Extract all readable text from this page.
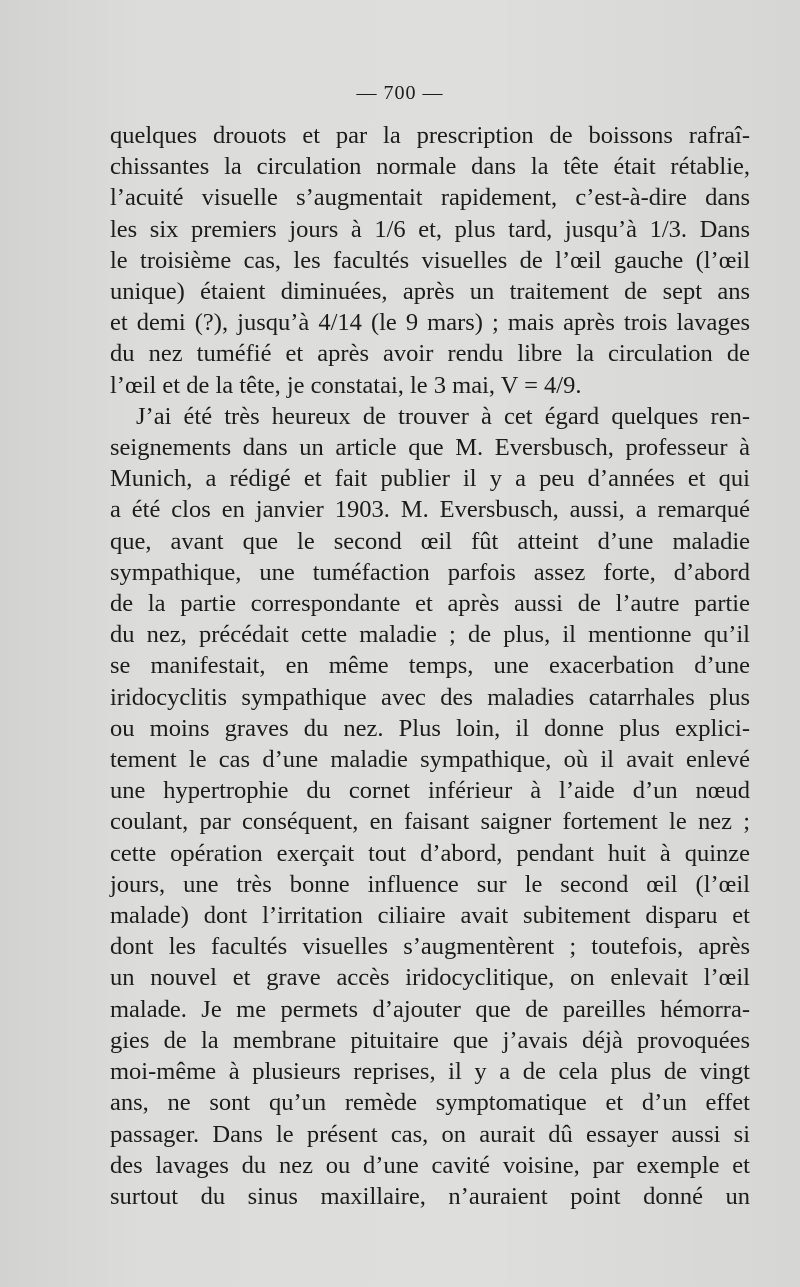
— 700 —
quelques drouots et par la prescription de boissons rafraî-
chissantes la circulation normale dans la tête était rétablie,
l’acuité visuelle s’augmentait rapidement, c’est-à-dire dans
les six premiers jours à 1/6 et, plus tard, jusqu’à 1/3. Dans
le troisième cas, les facultés visuelles de l’œil gauche (l’œil
unique) étaient diminuées, après un traitement de sept ans
et demi (?), jusqu’à 4/14 (le 9 mars) ; mais après trois lavages
du nez tuméfié et après avoir rendu libre la circulation de
l’œil et de la tête, je constatai, le 3 mai, V = 4/9.
J’ai été très heureux de trouver à cet égard quelques ren-
seignements dans un article que M. Eversbusch, professeur à
Munich, a rédigé et fait publier il y a peu d’années et qui
a été clos en janvier 1903. M. Eversbusch, aussi, a remarqué
que, avant que le second œil fût atteint d’une maladie
sympathique, une tuméfaction parfois assez forte, d’abord
de la partie correspondante et après aussi de l’autre partie
du nez, précédait cette maladie ; de plus, il mentionne qu’il
se manifestait, en même temps, une exacerbation d’une
iridocyclitis sympathique avec des maladies catarrhales plus
ou moins graves du nez. Plus loin, il donne plus explici-
tement le cas d’une maladie sympathique, où il avait enlevé
une hypertrophie du cornet inférieur à l’aide d’un nœud
coulant, par conséquent, en faisant saigner fortement le nez ;
cette opération exerçait tout d’abord, pendant huit à quinze
jours, une très bonne influence sur le second œil (l’œil
malade) dont l’irritation ciliaire avait subitement disparu et
dont les facultés visuelles s’augmentèrent ; toutefois, après
un nouvel et grave accès iridocyclitique, on enlevait l’œil
malade. Je me permets d’ajouter que de pareilles hémorra-
gies de la membrane pituitaire que j’avais déjà provoquées
moi-même à plusieurs reprises, il y a de cela plus de vingt
ans, ne sont qu’un remède symptomatique et d’un effet
passager. Dans le présent cas, on aurait dû essayer aussi si
des lavages du nez ou d’une cavité voisine, par exemple et
surtout du sinus maxillaire, n’auraient point donné un
